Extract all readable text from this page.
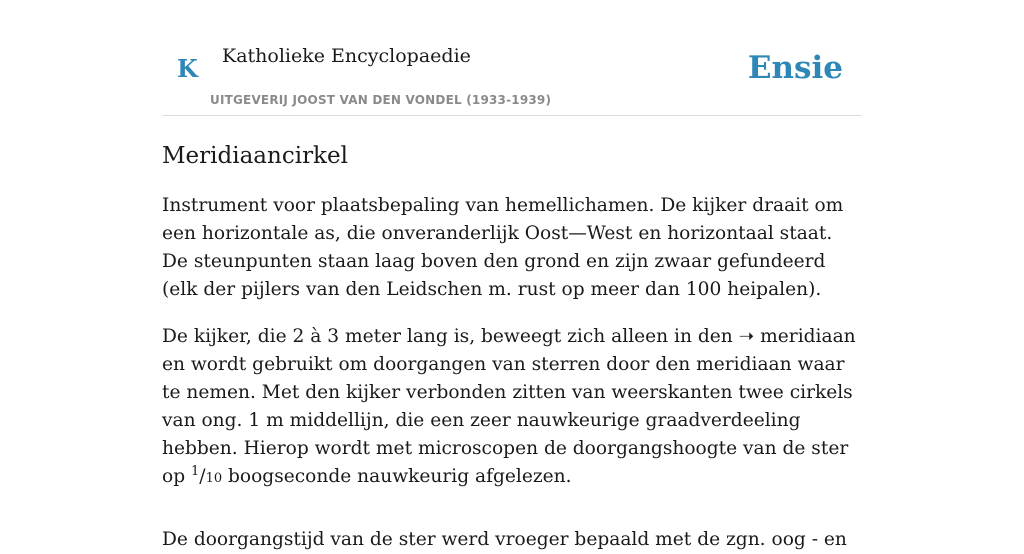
K Katholieke Encyclopaedie
UITGEVERIJ JOOST VAN DEN VONDEL (1933-1939)
Ensie
Meridiaancirkel

Instrument voor plaatsbepaling van hemellichamen. De kijker draait om een horizontale as, die onveranderlijk Oost—West en horizontaal staat. De steunpunten staan laag boven den grond en zijn zwaar gefundeerd (elk der pijlers van den Leidschen m. rust op meer dan 100 heipalen).

De kijker, die 2 à 3 meter lang is, beweegt zich alleen in den ➝ meridiaan en wordt gebruikt om doorgangen van sterren door den meridiaan waar te nemen. Met den kijker verbonden zitten van weerskanten twee cirkels van ong. 1 m middellijn, die een zeer nauwkeurige graadverdeeling hebben. Hierop wordt met microscopen de doorgangshoogte van de ster op $^1$/10 boogseconde nauwkeurig afgelezen.

De doorgangstijd van de ster werd vroeger bepaald met de zgn. oog - en
